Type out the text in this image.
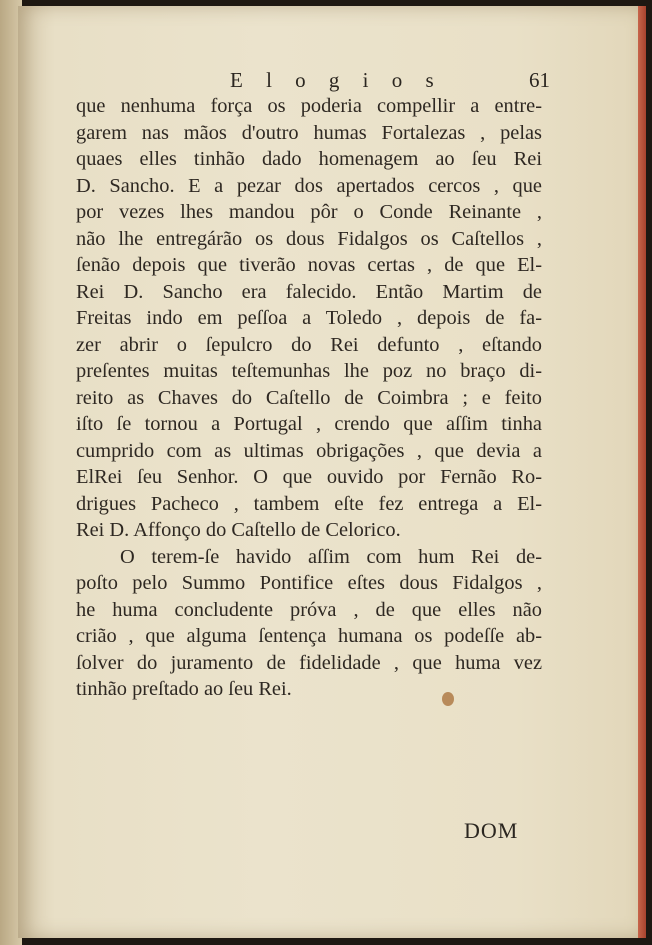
E l o g i o s	61
que nenhuma força os poderia compellir a entre-
garem nas mãos d'outro humas Fortalezas , pelas
quaes elles tinhão dado homenagem ao ſeu Rei
D. Sancho. E a pezar dos apertados cercos , que
por vezes lhes mandou pôr o Conde Reinante ,
não lhe entregárão os dous Fidalgos os Caſtellos ,
ſenão depois que tiverão novas certas , de que El-
Rei D. Sancho era falecido. Então Martim de
Freitas indo em peſſoa a Toledo , depois de fa-
zer abrir o ſepulcro do Rei defunto , eſtando
preſentes muitas teſtemunhas lhe poz no braço di-
reito as Chaves do Caſtello de Coimbra ; e feito
iſto ſe tornou a Portugal , crendo que aſſim tinha
cumprido com as ultimas obrigações , que devia a
ElRei ſeu Senhor. O que ouvido por Fernão Ro-
drigues Pacheco , tambem eſte fez entrega a El-
Rei D. Affonço do Caſtello de Celorico.
O terem-ſe havido aſſim com hum Rei de-
poſto pelo Summo Pontifice eſtes dous Fidalgos ,
he huma concludente próva , de que elles não
crião , que alguma ſentença humana os podeſſe ab-
ſolver do juramento de fidelidade , que huma vez
tinhão preſtado ao ſeu Rei.
DOM
